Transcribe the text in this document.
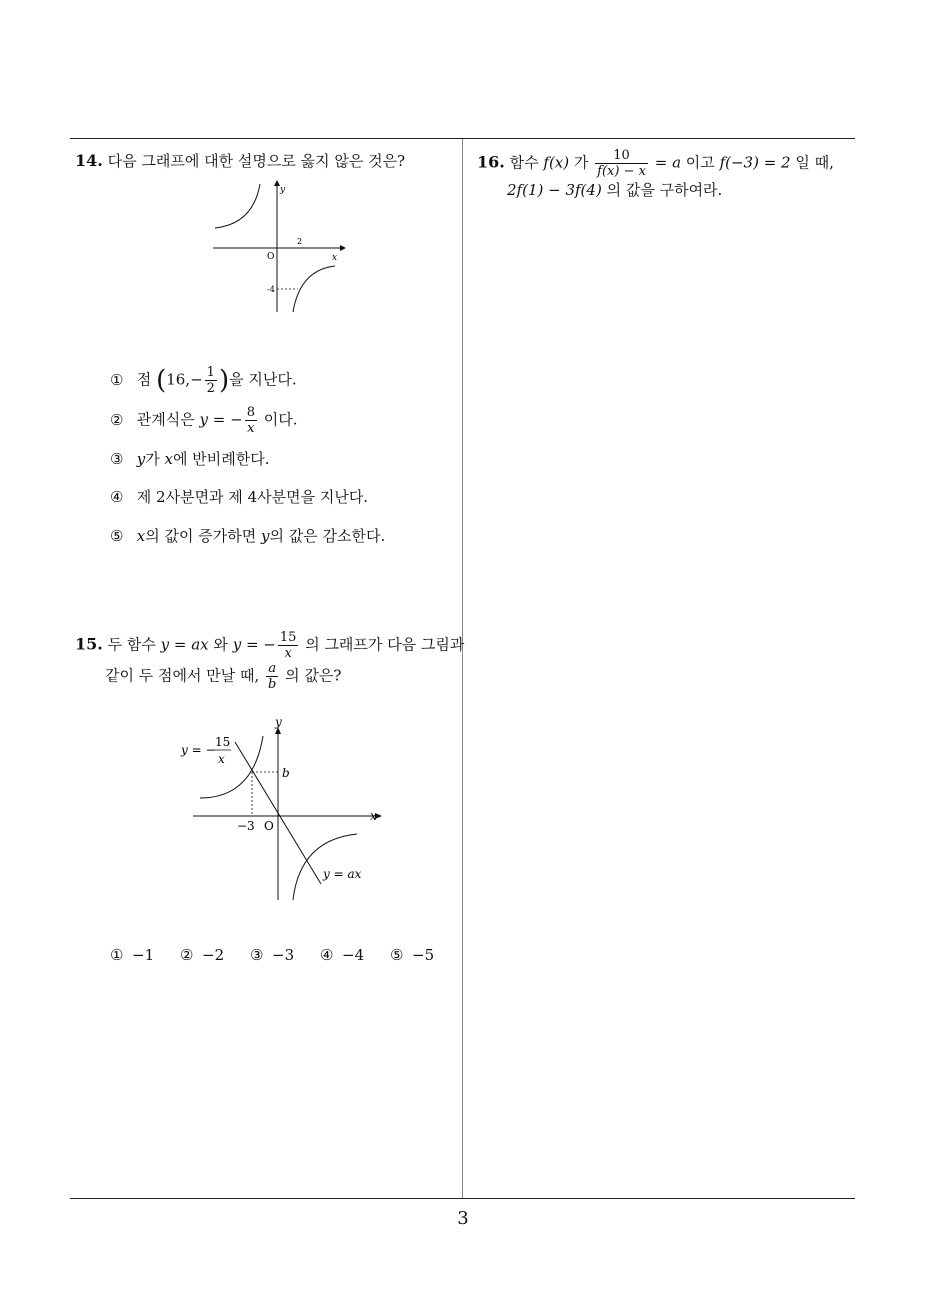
14. 다음 그래프에 대한 설명으로 옳지 않은 것은?
y
x
O
2
-4
① 점 ($16,- \frac{1}{2}$ )을 지난다.
② 관계식은 y = − $\frac{8}{x}$ 이다.
③ y가 x에 반비례한다.
④ 제 2사분면과 제 4사분면을 지난다.
⑤ x의 값이 증가하면 y의 값은 감소한다.
15. 두 함수 y = ax 와 y = − $\frac{15}{x}$ 의 그래프가 다음 그림과
같이 두 점에서 만날 때, $\frac{a}{b}$ 의 값은?
y = −
15
x
y = ax
y
x
b
−3 O
① −1 ② −2 ③ −3 ④ −4 ⑤ −5
16. 함수 f(x) 가 $\frac{10}{f(x) - x} = a$ 이고 f(−3) = 2 일 때,
2f(1) − 3f(4) 의 값을 구하여라.
3
